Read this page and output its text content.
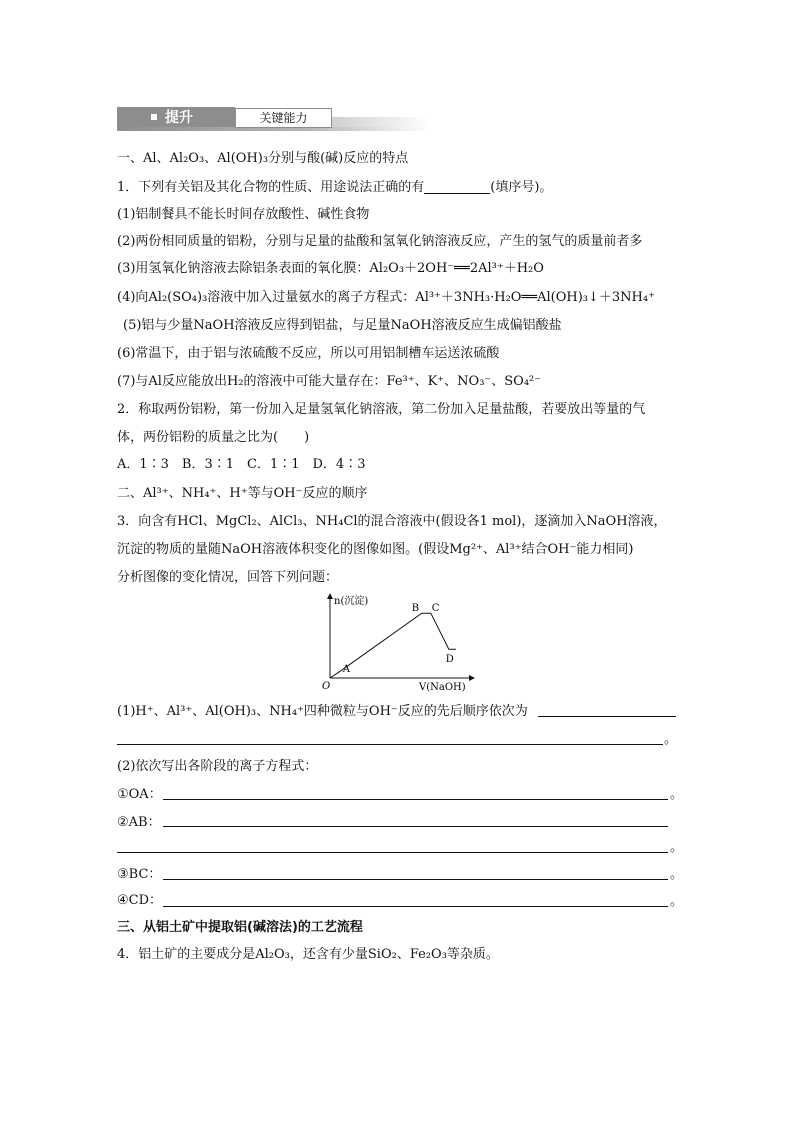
提升	关键能力
一、Al、Al₂O₃、Al(OH)₃分别与酸(碱)反应的特点
1．下列有关铝及其化合物的性质、用途说法正确的有	(填序号)。
(1)铝制餐具不能长时间存放酸性、碱性食物
(2)两份相同质量的铝粉，分别与足量的盐酸和氢氧化钠溶液反应，产生的氢气的质量前者多
(3)用氢氧化钠溶液去除铝条表面的氧化膜：Al₂O₃＋2OH⁻══2Al³⁺＋H₂O
(4)向Al₂(SO₄)₃溶液中加入过量氨水的离子方程式：Al³⁺＋3NH₃·H₂O══Al(OH)₃↓＋3NH₄⁺
(5)铝与少量NaOH溶液反应得到铝盐，与足量NaOH溶液反应生成偏铝酸盐
(6)常温下，由于铝与浓硫酸不反应，所以可用铝制槽车运送浓硫酸
(7)与Al反应能放出H₂的溶液中可能大量存在：Fe³⁺、K⁺、NO₃⁻、SO₄²⁻
2．称取两份铝粉，第一份加入足量氢氧化钠溶液，第二份加入足量盐酸，若要放出等量的气
体，两份铝粉的质量之比为(　　)
A．1∶3　B．3∶1　C．1∶1　D．4∶3
二、Al³⁺、NH₄⁺、H⁺等与OH⁻反应的顺序
3．向含有HCl、MgCl₂、AlCl₃、NH₄Cl的混合溶液中(假设各1 mol)，逐滴加入NaOH溶液，
沉淀的物质的量随NaOH溶液体积变化的图像如图。(假设Mg²⁺、Al³⁺结合OH⁻能力相同)
分析图像的变化情况，回答下列问题：
n(沉淀)
V(NaOH)
O
A
B C
D
(1)H⁺、Al³⁺、Al(OH)₃、NH₄⁺四种微粒与OH⁻反应的先后顺序依次为
。
(2)依次写出各阶段的离子方程式：
①OA：	。
②AB：
。
③BC：	。
④CD：	。
三、从铝土矿中提取铝(碱溶法)的工艺流程
4．铝土矿的主要成分是Al₂O₃，还含有少量SiO₂、Fe₂O₃等杂质。
